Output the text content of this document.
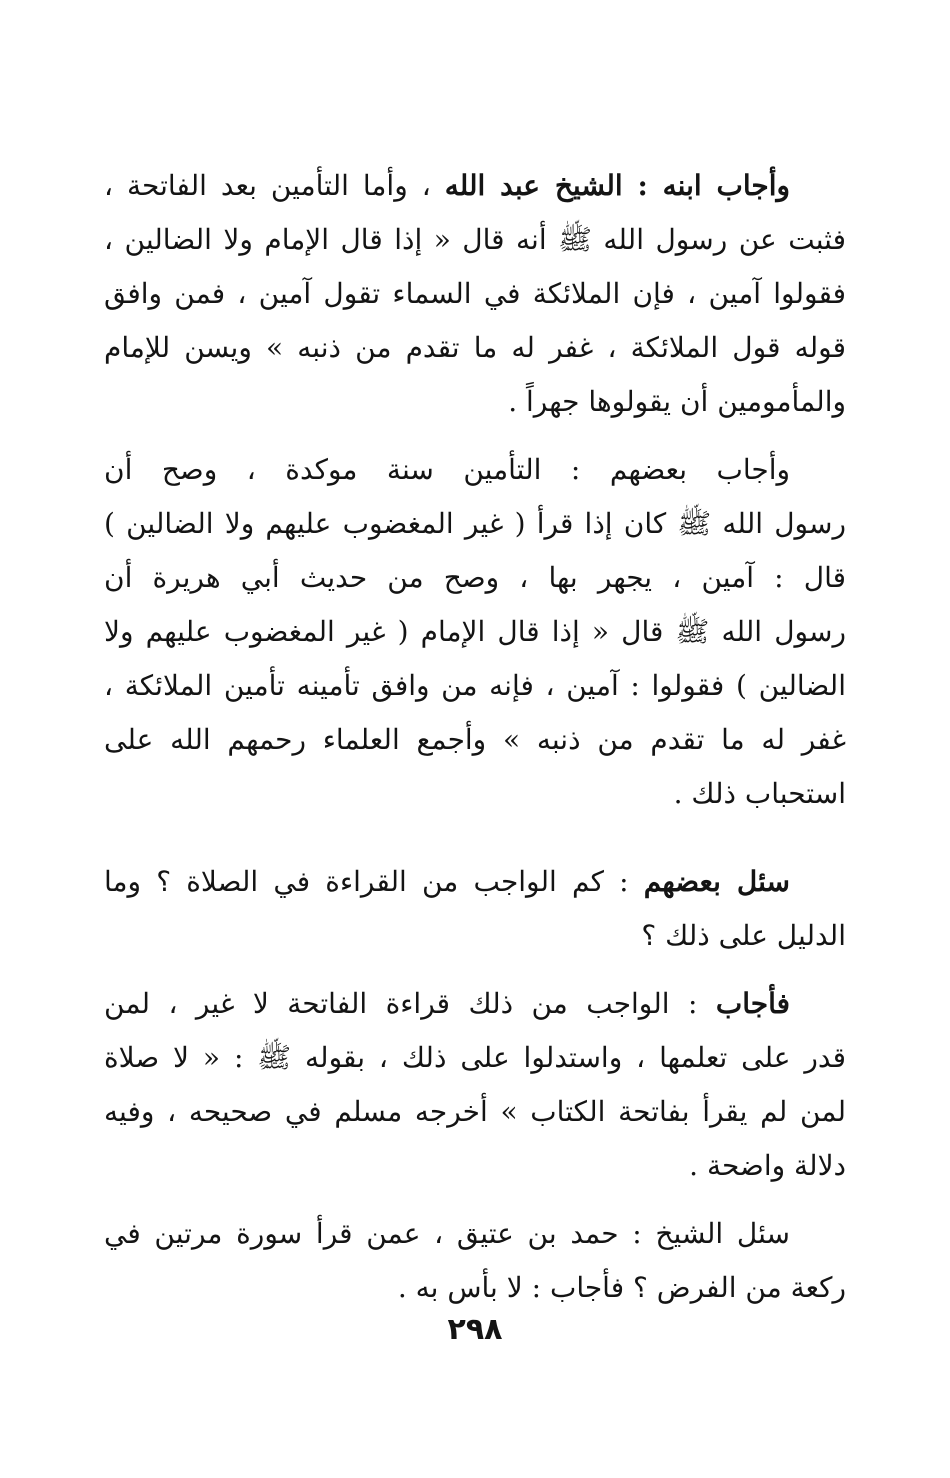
وأجاب ابنه : الشيخ عبد الله ، وأما التأمين بعد الفاتحة ،
فثبت عن رسول الله ﷺ أنه قال « إذا قال الإمام ولا الضالين ،
فقولوا آمين ، فإن الملائكة في السماء تقول آمين ، فمن وافق
قوله قول الملائكة ، غفر له ما تقدم من ذنبه » ويسن للإمام
والمأمومين أن يقولوها جهراً .
وأجاب بعضهم : التأمين سنة موكدة ، وصح أن
رسول الله ﷺ كان إذا قرأ ( غير المغضوب عليهم ولا الضالين )
قال : آمين ، يجهر بها ، وصح من حديث أبي هريرة أن
رسول الله ﷺ قال « إذا قال الإمام ( غير المغضوب عليهم ولا
الضالين ) فقولوا : آمين ، فإنه من وافق تأمينه تأمين الملائكة ،
غفر له ما تقدم من ذنبه » وأجمع العلماء رحمهم الله على
استحباب ذلك .
سئل بعضهم : كم الواجب من القراءة في الصلاة ؟ وما
الدليل على ذلك ؟
فأجاب : الواجب من ذلك قراءة الفاتحة لا غير ، لمن
قدر على تعلمها ، واستدلوا على ذلك ، بقوله ﷺ : « لا صلاة
لمن لم يقرأ بفاتحة الكتاب » أخرجه مسلم في صحيحه ، وفيه
دلالة واضحة .
سئل الشيخ : حمد بن عتيق ، عمن قرأ سورة مرتين في
ركعة من الفرض ؟ فأجاب : لا بأس به .
٢٩٨
